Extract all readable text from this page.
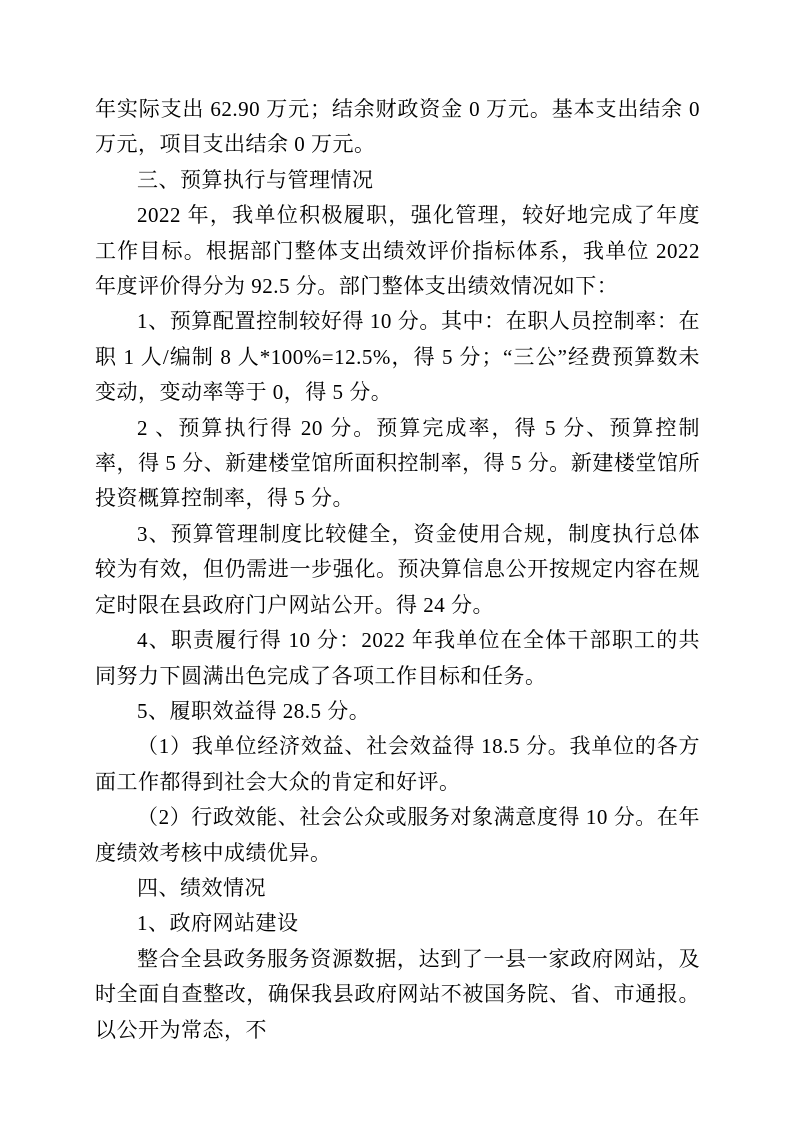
年实际支出 62.90 万元；结余财政资金 0 万元。基本支出结余 0 万元，项目支出结余 0 万元。

三、预算执行与管理情况

2022 年，我单位积极履职，强化管理，较好地完成了年度工作目标。根据部门整体支出绩效评价指标体系，我单位 2022 年度评价得分为 92.5 分。部门整体支出绩效情况如下：

1、预算配置控制较好得 10 分。其中：在职人员控制率：在职 1 人/编制 8 人*100%=12.5%，得 5 分；“三公”经费预算数未变动，变动率等于 0，得 5 分。

2 、预算执行得 20 分。预算完成率，得 5 分、预算控制率，得 5 分、新建楼堂馆所面积控制率，得 5 分。新建楼堂馆所投资概算控制率，得 5 分。

3、预算管理制度比较健全，资金使用合规，制度执行总体较为有效，但仍需进一步强化。预决算信息公开按规定内容在规定时限在县政府门户网站公开。得 24 分。

4、职责履行得 10 分：2022 年我单位在全体干部职工的共同努力下圆满出色完成了各项工作目标和任务。

5、履职效益得 28.5 分。

（1）我单位经济效益、社会效益得 18.5 分。我单位的各方面工作都得到社会大众的肯定和好评。

（2）行政效能、社会公众或服务对象满意度得 10 分。在年度绩效考核中成绩优异。

四、绩效情况

1、政府网站建设

整合全县政务服务资源数据，达到了一县一家政府网站，及时全面自查整改，确保我县政府网站不被国务院、省、市通报。以公开为常态，不
